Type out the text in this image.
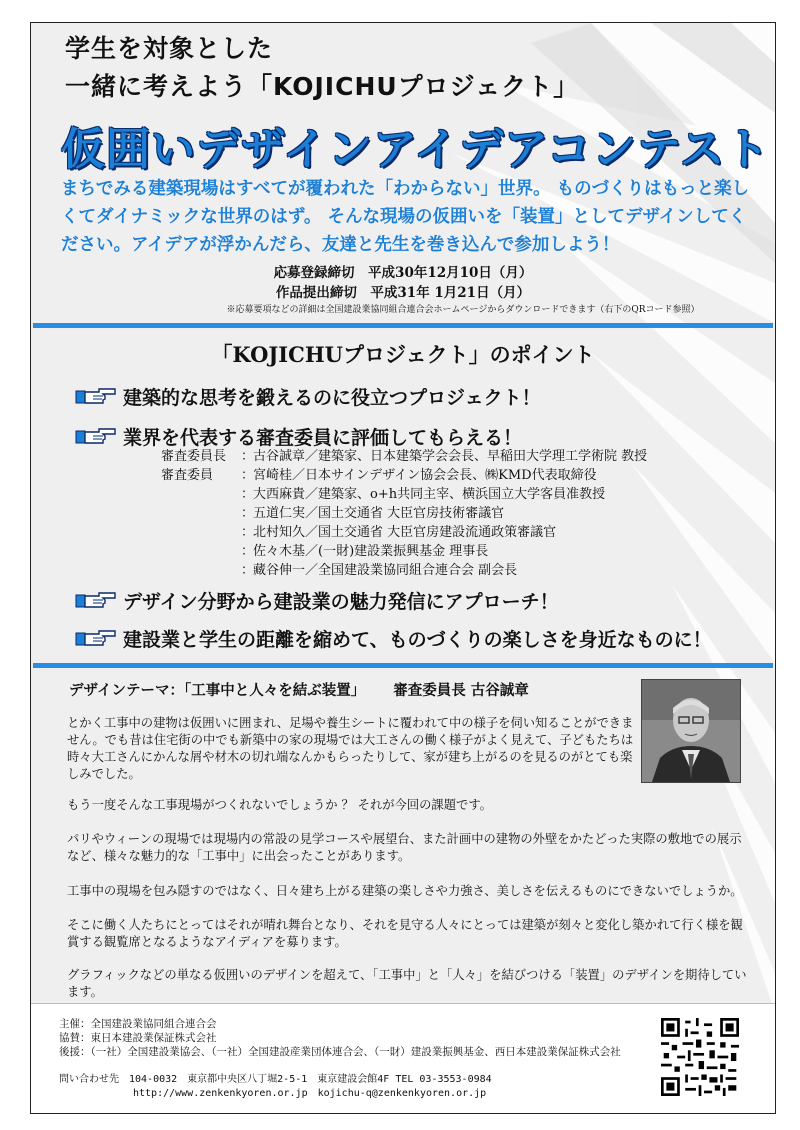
学生を対象とした
一緒に考えよう「KOJICHUプロジェクト」
仮囲いデザインアイデアコンテスト
まちでみる建築現場はすべてが覆われた「わからない」世界。 ものづくりはもっと楽しくてダイナミックな世界のはず。 そんな現場の仮囲いを「装置」としてデザインしてください。アイデアが浮かんだら、友達と先生を巻き込んで参加しよう！
応募登録締切　平成30年12月10日（月）
作品提出締切　平成31年 1月21日（月）
※応募要項などの詳細は全国建設業協同組合連合会ホームページからダウンロードできます（右下のQRコード参照）
「KOJICHUプロジェクト」のポイント
建築的な思考を鍛えるのに役立つプロジェクト！
業界を代表する審査委員に評価してもらえる！
審査委員長	：
古谷誠章／建築家、日本建築学会会長、早稲田大学理工学術院 教授
審査委員	：
宮崎桂／日本サインデザイン協会会長、㈱KMD代表取締役
：
大西麻貴／建築家、o+h共同主宰、横浜国立大学客員准教授
：
五道仁実／国土交通省 大臣官房技術審議官
：
北村知久／国土交通省 大臣官房建設流通政策審議官
：
佐々木基／(一財)建設業振興基金 理事長
：
藏谷伸一／全国建設業協同組合連合会 副会長
デザイン分野から建設業の魅力発信にアプローチ！
建設業と学生の距離を縮めて、ものづくりの楽しさを身近なものに！
デザインテーマ：「工事中と人々を結ぶ装置」 審査委員長 古谷誠章
とかく工事中の建物は仮囲いに囲まれ、足場や養生シートに覆われて中の様子を伺い知ることができません。でも昔は住宅街の中でも新築中の家の現場では大工さんの働く様子がよく見えて、子どもたちは時々大工さんにかんな屑や材木の切れ端なんかもらったりして、家が建ち上がるのを見るのがとても楽しみでした。
もう一度そんな工事現場がつくれないでしょうか ？ それが今回の課題です。
パリやウィーンの現場では現場内の常設の見学コースや展望台、また計画中の建物の外壁をかたどった実際の敷地での展示など、様々な魅力的な「工事中」に出会ったことがあります。
工事中の現場を包み隠すのではなく、日々建ち上がる建築の楽しさや力強さ、美しさを伝えるものにできないでしょうか。
そこに働く人たちにとってはそれが晴れ舞台となり、それを見守る人々にとっては建築が刻々と変化し築かれて行く様を観賞する観覧席となるようなアイディアを募ります。
グラフィックなどの単なる仮囲いのデザインを超えて、「工事中」と「人々」を結びつける「装置」のデザインを期待しています。
主催：全国建設業協同組合連合会
協賛：東日本建設業保証株式会社
後援：（一社）全国建設業協会、（一社）全国建設産業団体連合会、（一財）建設業振興基金、西日本建設業保証株式会社
問い合わせ先　104-0032　東京都中央区八丁堀2-5-1　東京建設会館4F TEL 03-3553-0984
http://www.zenkenkyoren.or.jp　kojichu-q@zenkenkyoren.or.jp
